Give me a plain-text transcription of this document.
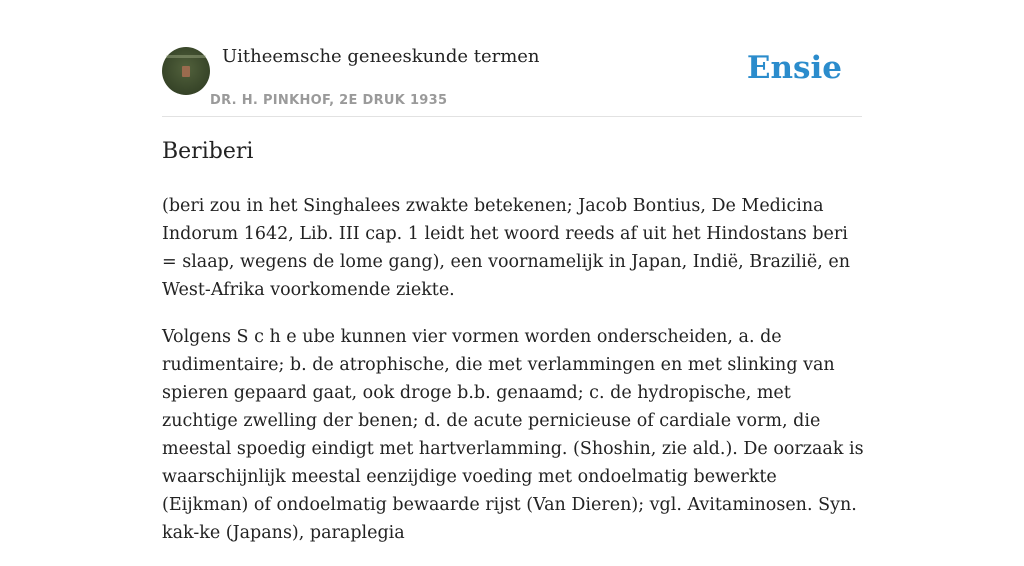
Uitheemsche geneeskunde termen
DR. H. PINKHOF, 2E DRUK 1935
Ensie
Beriberi

(beri zou in het Singhalees zwakte betekenen; Jacob Bontius, De Medicina Indorum 1642, Lib. III cap. 1 leidt het woord reeds af uit het Hindostans beri = slaap, wegens de lome gang), een voornamelijk in Japan, Indië, Brazilië, en West-Afrika voorkomende ziekte.

Volgens S c h e ube kunnen vier vormen worden onderscheiden, a. de rudimentaire; b. de atrophische, die met verlammingen en met slinking van spieren gepaard gaat, ook droge b.b. genaamd; c. de hydropische, met zuchtige zwelling der benen; d. de acute perniciеuse of cardiale vorm, die meestal spoedig eindigt met hartverlamming. (Shoshin, zie ald.). De oorzaak is waarschijnlijk meestal eenzijdige voeding met ondoelmatig bewerkte (Eijkman) of ondoelmatig bewaarde rijst (Van Dieren); vgl. Avitaminosen. Syn. kak-ke (Japans), paraplegia
